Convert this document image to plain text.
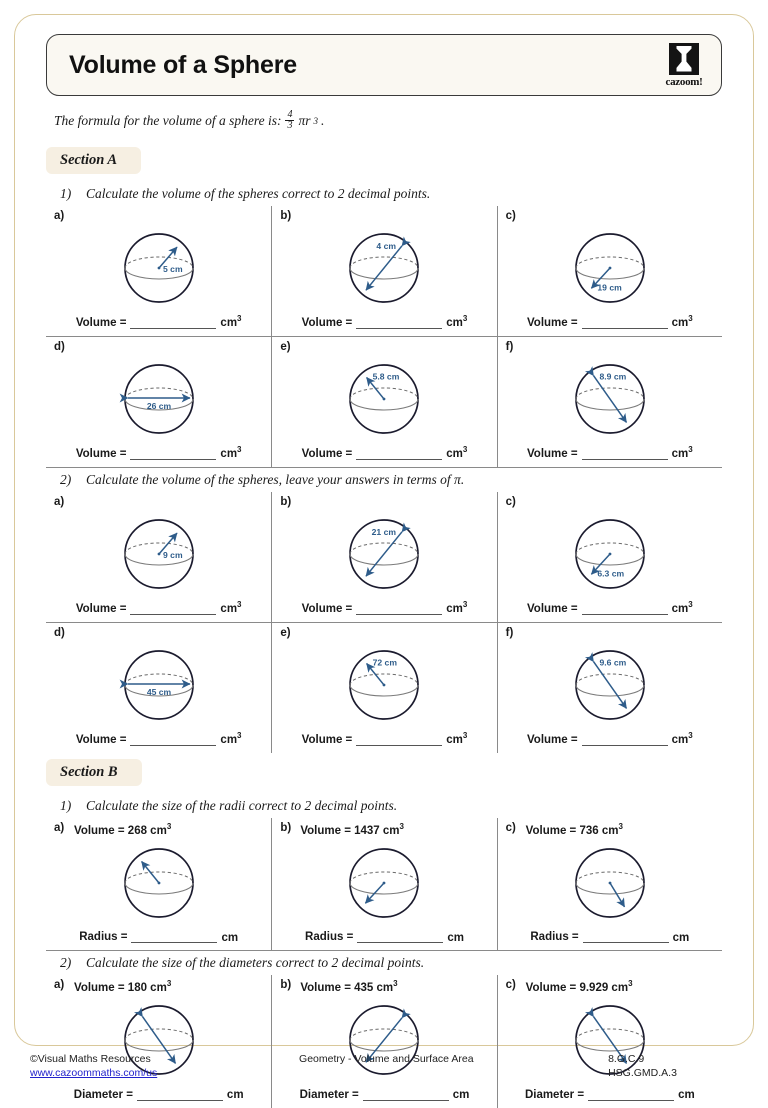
Volume of a Sphere
cazoom!
The formula for the volume of a sphere is: $\frac{4}{3}$ πr 3 .
Section A
1)	Calculate the volume of the spheres correct to 2 decimal points.
a)
5 cm
Volume =	$cm^3$
b)
4 cm
Volume =	$cm^3$
c)
19 cm
Volume =	$cm^3$
d)
26 cm
Volume =	$cm^3$
e)
5.8 cm
Volume =	$cm^3$
f)
8.9 cm
Volume =	$cm^3$
2)	Calculate the volume of the spheres, leave your answers in terms of π.
a)
9 cm
Volume =	$cm^3$
b)
21 cm
Volume =	$cm^3$
c)
6.3 cm
Volume =	$cm^3$
d)
45 cm
Volume =	$cm^3$
e)
72 cm
Volume =	$cm^3$
f)
9.6 cm
Volume =	$cm^3$
Section B
1)	Calculate the size of the radii correct to 2 decimal points.
a) Volume = 268 $cm^3$
Radius =	cm
b) Volume = 1437 $cm^3$
Radius =	cm
c) Volume = 736 $cm^3$
Radius =	cm
2)	Calculate the size of the diameters correct to 2 decimal points.
a) Volume = 180 $cm^3$
Diameter =	cm
b) Volume = 435 $cm^3$
Diameter =	cm
c) Volume = 9.929 $cm^3$
Diameter =	cm
©Visual Maths Resources
www.cazoommaths.com/us
Geometry - Volume and Surface Area	8.G.C.9
HSG.GMD.A.3
